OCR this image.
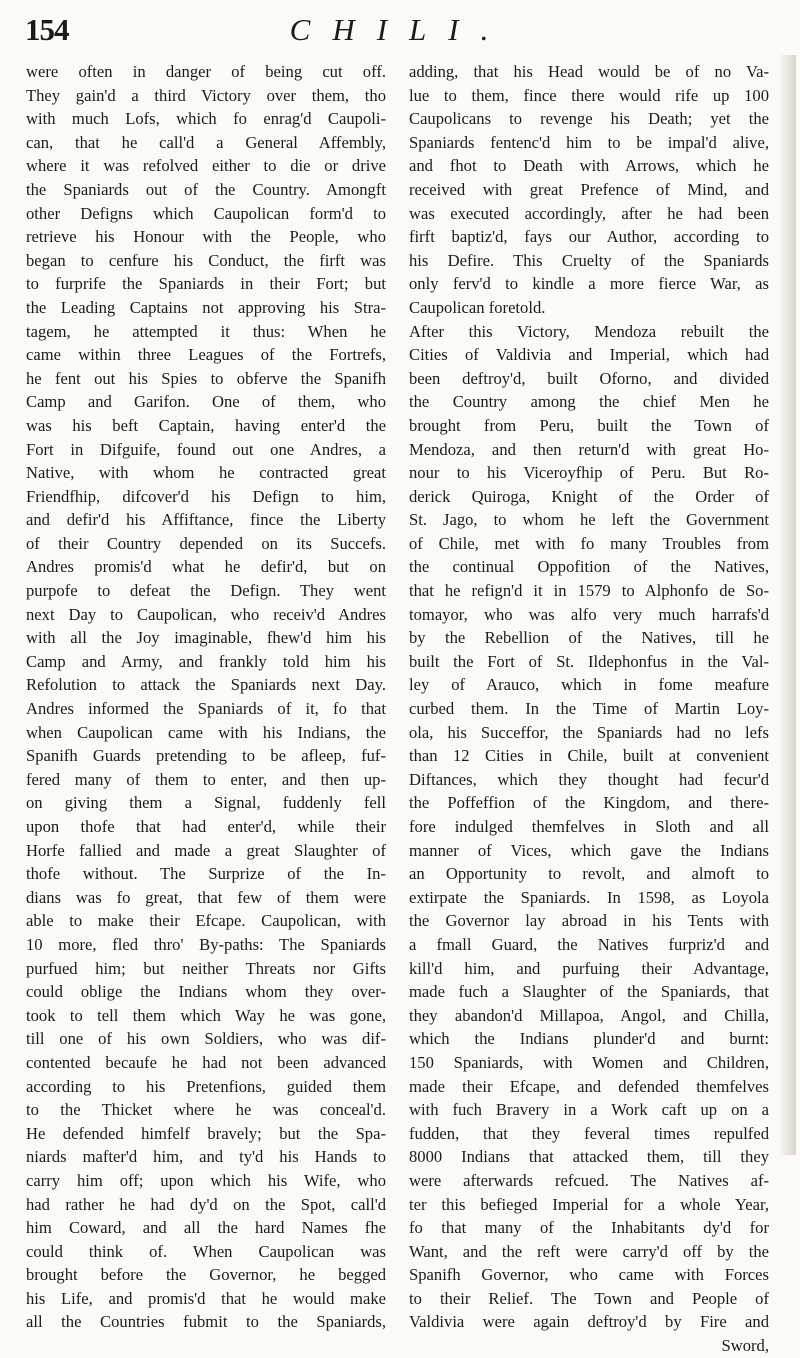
154	CHILI.
were often in danger of being cut off.
They gain'd a third Victory over them, tho
with much Lofs, which fo enrag'd Caupoli-
can, that he call'd a General Affembly,
where it was refolved either to die or drive
the Spaniards out of the Country. Amongft
other Defigns which Caupolican form'd to
retrieve his Honour with the People, who
began to cenfure his Conduct, the firft was
to furprife the Spaniards in their Fort; but
the Leading Captains not approving his Stra-
tagem, he attempted it thus: When he
came within three Leagues of the Fortrefs,
he fent out his Spies to obferve the Spanifh
Camp and Garifon. One of them, who
was his beft Captain, having enter'd the
Fort in Difguife, found out one Andres, a
Native, with whom he contracted great
Friendfhip, difcover'd his Defign to him,
and defir'd his Affiftance, fince the Liberty
of their Country depended on its Succefs.
Andres promis'd what he defir'd, but on
purpofe to defeat the Defign. They went
next Day to Caupolican, who receiv'd Andres
with all the Joy imaginable, fhew'd him his
Camp and Army, and frankly told him his
Refolution to attack the Spaniards next Day.
Andres informed the Spaniards of it, fo that
when Caupolican came with his Indians, the
Spanifh Guards pretending to be afleep, fuf-
fered many of them to enter, and then up-
on giving them a Signal, fuddenly fell
upon thofe that had enter'd, while their
Horfe fallied and made a great Slaughter of
thofe without. The Surprize of the In-
dians was fo great, that few of them were
able to make their Efcape. Caupolican, with
10 more, fled thro' By-paths: The Spaniards
purfued him; but neither Threats nor Gifts
could oblige the Indians whom they over-
took to tell them which Way he was gone,
till one of his own Soldiers, who was dif-
contented becaufe he had not been advanced
according to his Pretenfions, guided them
to the Thicket where he was conceal'd.
He defended himfelf bravely; but the Spa-
niards mafter'd him, and ty'd his Hands to
carry him off; upon which his Wife, who
had rather he had dy'd on the Spot, call'd
him Coward, and all the hard Names fhe
could think of. When Caupolican was
brought before the Governor, he begged
his Life, and promis'd that he would make
all the Countries fubmit to the Spaniards,
adding, that his Head would be of no Va-
lue to them, fince there would rife up 100
Caupolicans to revenge his Death; yet the
Spaniards fentenc'd him to be impal'd alive,
and fhot to Death with Arrows, which he
received with great Prefence of Mind, and
was executed accordingly, after he had been
firft baptiz'd, fays our Author, according to
his Defire. This Cruelty of the Spaniards
only ferv'd to kindle a more fierce War, as
Caupolican foretold.
After this Victory, Mendoza rebuilt the
Cities of Valdivia and Imperial, which had
been deftroy'd, built Oforno, and divided
the Country among the chief Men he
brought from Peru, built the Town of
Mendoza, and then return'd with great Ho-
nour to his Viceroyfhip of Peru. But Ro-
derick Quiroga, Knight of the Order of
St. Jago, to whom he left the Government
of Chile, met with fo many Troubles from
the continual Oppofition of the Natives,
that he refign'd it in 1579 to Alphonfo de So-
tomayor, who was alfo very much harrafs'd
by the Rebellion of the Natives, till he
built the Fort of St. Ildephonfus in the Val-
ley of Arauco, which in fome meafure
curbed them. In the Time of Martin Loy-
ola, his Succeffor, the Spaniards had no lefs
than 12 Cities in Chile, built at convenient
Diftances, which they thought had fecur'd
the Poffeffion of the Kingdom, and there-
fore indulged themfelves in Sloth and all
manner of Vices, which gave the Indians
an Opportunity to revolt, and almoft to
extirpate the Spaniards. In 1598, as Loyola
the Governor lay abroad in his Tents with
a fmall Guard, the Natives furpriz'd and
kill'd him, and purfuing their Advantage,
made fuch a Slaughter of the Spaniards, that
they abandon'd Millapoa, Angol, and Chilla,
which the Indians plunder'd and burnt:
150 Spaniards, with Women and Children,
made their Efcape, and defended themfelves
with fuch Bravery in a Work caft up on a
fudden, that they feveral times repulfed
8000 Indians that attacked them, till they
were afterwards refcued. The Natives af-
ter this befieged Imperial for a whole Year,
fo that many of the Inhabitants dy'd for
Want, and the reft were carry'd off by the
Spanifh Governor, who came with Forces
to their Relief. The Town and People of
Valdivia were again deftroy'd by Fire and
Sword,
